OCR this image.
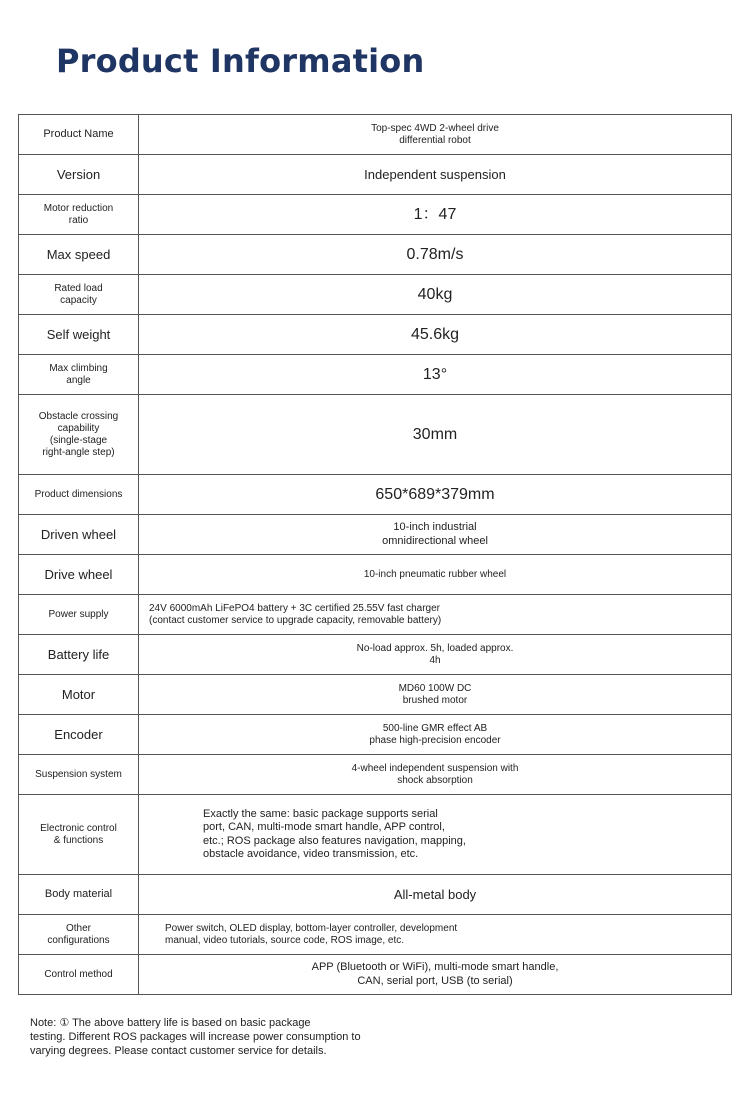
Product Information
Product Name	Top-spec 4WD 2-wheel drive
differential robot
Version	Independent suspension
Motor reduction
ratio	1：47
Max speed	0.78m/s
Rated load
capacity	40kg
Self weight	45.6kg
Max climbing
angle	13°
Obstacle crossing
capability
(single-stage
right-angle step)	30mm
Product dimensions	650*689*379mm
Driven wheel	10-inch industrial
omnidirectional wheel
Drive wheel	10-inch pneumatic rubber wheel
Power supply	24V 6000mAh LiFePO4 battery + 3C certified 25.55V fast charger
(contact customer service to upgrade capacity, removable battery)
Battery life	No-load approx. 5h, loaded approx.
4h
Motor	MD60 100W DC
brushed motor
Encoder	500-line GMR effect AB
phase high-precision encoder
Suspension system	4-wheel independent suspension with
shock absorption
Electronic control
& functions	Exactly the same: basic package supports serial
port, CAN, multi-mode smart handle, APP control,
etc.; ROS package also features navigation, mapping,
obstacle avoidance, video transmission, etc.
Body material	All-metal body
Other
configurations	Power switch, OLED display, bottom-layer controller, development
manual, video tutorials, source code, ROS image, etc.
Control method	APP (Bluetooth or WiFi), multi-mode smart handle,
CAN, serial port, USB (to serial)
Note: ① The above battery life is based on basic package
testing. Different ROS packages will increase power consumption to
varying degrees. Please contact customer service for details.
